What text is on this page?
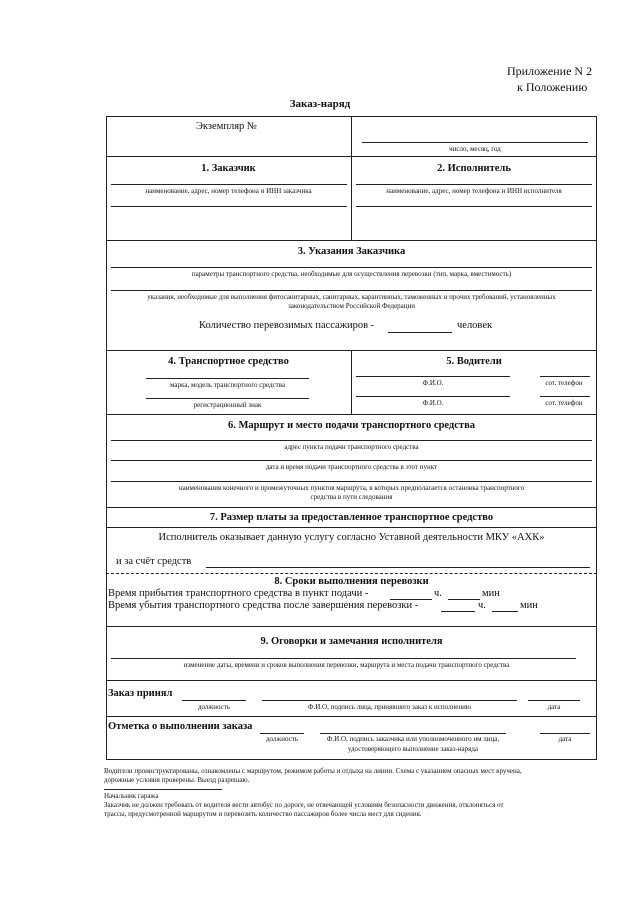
Приложение N 2
к Положению
Заказ-наряд
Экземпляр №
число, месяц, год
1. Заказчик	2. Исполнитель
наименование, адрес, номер телефона и ИНН заказчика	наименование, адрес, номер телефона и ИНН исполнителя
3. Указания Заказчика
параметры транспортного средства, необходимые для осуществления перевозки (тип, марка, вместимость)
указания, необходимые для выполнения фитосанитарных, санитарных, карантинных, таможенных и прочих требований, установленных
законодательством Российской Федерации
Количество перевозимых пассажиров -	человек
4. Транспортное средство	5. Водители
марка, модель транспортного средства
регистрационный знак
Ф.И.О.	сот. телефон
Ф.И.О.	сот. телефон
6. Маршрут и место подачи транспортного средства
адрес пункта подачи транспортного средства
дата и время подачи транспортного средства в этот пункт
наименования конечного и промежуточных пунктов маршрута, в которых предполагается остановка транспортного
средства в пути следования
7. Размер платы за предоставленное транспортное средство
Исполнитель оказывает данную услугу согласно Уставной деятельности МКУ «АХК»
и за счёт средств
8. Сроки выполнения перевозки
Время прибытия транспортного средства в пункт подачи -	ч.	мин
Время убытия транспортного средства после завершения перевозки -	ч.	мин
9. Оговорки и замечания исполнителя
изменение даты, времени и сроков выполнения перевозки, маршрута и места подачи транспортного средства
Заказ принял
должность	Ф.И.О, подпись лица, принявшего заказ к исполнению	дата
Отметка о выполнении заказа
должность	Ф.И.О, подпись заказчика или уполномоченного им лица,
удостоверяющего выполнение заказ-наряда
дата
Водители проинструктированы, ознакомлены с маршрутом, режимом работы и отдыха на линии. Схема с указанием опасных мест вручена,
дорожные условия проверены. Выезд разрешаю.
Начальник гаража
Заказчик не должен требовать от водителя вести автобус по дороге, не отвечающей условиям безопасности движения, отклоняться от
трассы, предусмотренной маршрутом и перевозить количество пассажиров более числа мест для сидения.
